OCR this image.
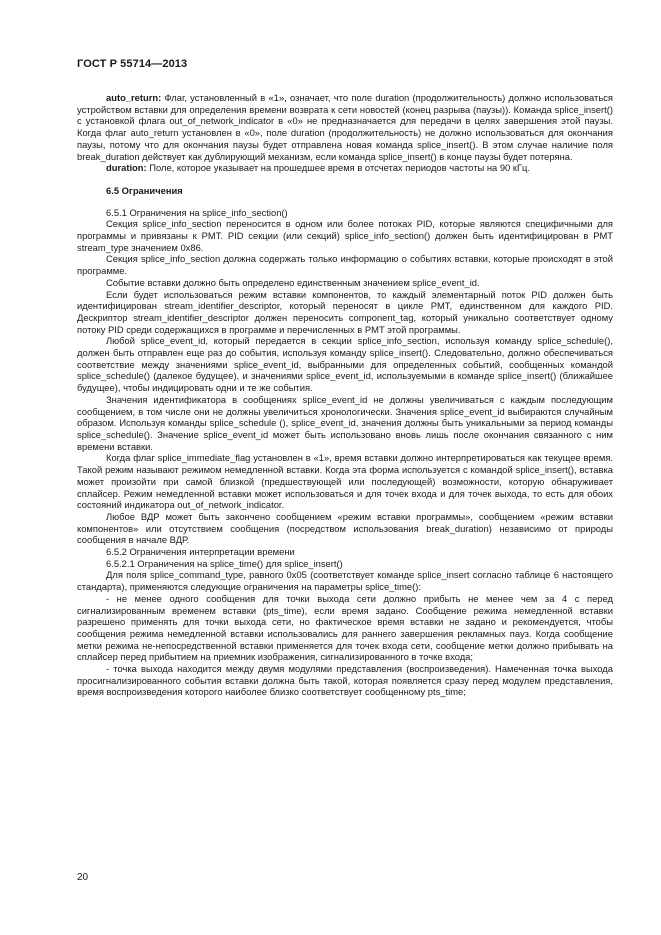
ГОСТ Р 55714—2013

auto_return: Флаг, установленный в «1», означает, что поле duration (продолжительность) должно использоваться устройством вставки для определения времени возврата к сети новостей (конец разрыва (паузы)). Команда splice_insert() с установкой флага out_of_network_indicator в «0» не предназначается для передачи в целях завершения этой паузы. Когда флаг auto_return установлен в «0», поле duration (продолжительность) не должно использоваться для окончания паузы, потому что для окончания паузы будет отправлена новая команда splice_insert(). В этом случае наличие поля break_duration действует как дублирующий механизм, если команда splice_insert() в конце паузы будет потеряна.

duration: Поле, которое указывает на прошедшее время в отсчетах периодов частоты на 90 кГц.

6.5 Ограничения

6.5.1 Ограничения на splice_info_section()

Секция splice_info_section переносится в одном или более потоках PID, которые являются специфичными для программы и привязаны к PMT. PID секции (или секций) splice_info_section() должен быть идентифицирован в PMT stream_type значением 0x86.

Секция splice_info_section должна содержать только информацию о событиях вставки, которые происходят в этой программе.

Событие вставки должно быть определено единственным значением splice_event_id.

Если будет использоваться режим вставки компонентов, то каждый элементарный поток PID должен быть идентифицирован stream_identifier_descriptor, который переносят в цикле PMT, единственном для каждого PID. Дескриптор stream_identifier_descriptor должен переносить component_tag, который уникально соответствует одному потоку PID среди содержащихся в программе и перечисленных в PMT этой программы.

Любой splice_event_id, который передается в секции splice_info_section, используя команду splice_schedule(), должен быть отправлен еще раз до события, используя команду splice_insert(). Следовательно, должно обеспечиваться соответствие между значениями splice_event_id, выбранными для определенных событий, сообщенных командой splice_schedule() (далекое будущее), и значениями splice_event_id, используемыми в команде splice_insert() (ближайшее будущее), чтобы индицировать одни и те же события.

Значения идентификатора в сообщениях splice_event_id не должны увеличиваться с каждым последующим сообщением, в том числе они не должны увеличиться хронологически. Значения splice_event_id выбираются случайным образом. Используя команды splice_schedule (), splice_event_id, значения должны быть уникальными за период команды splice_schedule(). Значение splice_event_id может быть использовано вновь лишь после окончания связанного с ним времени вставки.

Когда флаг splice_immediate_flag установлен в «1», время вставки должно интерпретироваться как текущее время. Такой режим называют режимом немедленной вставки. Когда эта форма используется с командой splice_insert(), вставка может произойти при самой близкой (предшествующей или последующей) возможности, которую обнаруживает сплайсер. Режим немедленной вставки может использоваться и для точек входа и для точек выхода, то есть для обоих состояний индикатора out_of_network_indicator.

Любое ВДР может быть закончено сообщением «режим вставки программы», сообщением «режим вставки компонентов» или отсутствием сообщения (посредством использования break_duration) независимо от природы сообщения в начале ВДР.

6.5.2 Ограничения интерпретации времени

6.5.2.1 Ограничения на splice_time() для splice_insert()

Для поля splice_command_type, равного 0x05 (соответствует команде splice_insert согласно таблице 6 настоящего стандарта), применяются следующие ограничения на параметры splice_time():

- не менее одного сообщения для точки выхода сети должно прибыть не менее чем за 4 с перед сигнализированным временем вставки (pts_time), если время задано. Сообщение режима немедленной вставки разрешено применять для точки выхода сети, но фактическое время вставки не задано и рекомендуется, чтобы сообщения режима немедленной вставки использовались для раннего завершения рекламных пауз. Когда сообщение метки режима не-непосредственной вставки применяется для точек входа сети, сообщение метки должно прибывать на сплайсер перед прибытием на приемник изображения, сигнализированного в точке входа;

- точка выхода находится между двумя модулями представления (воспроизведения). Намеченная точка выхода просигнализированного события вставки должна быть такой, которая появляется сразу перед модулем представления, время воспроизведения которого наиболее близко соответствует сообщенному pts_time;

20
